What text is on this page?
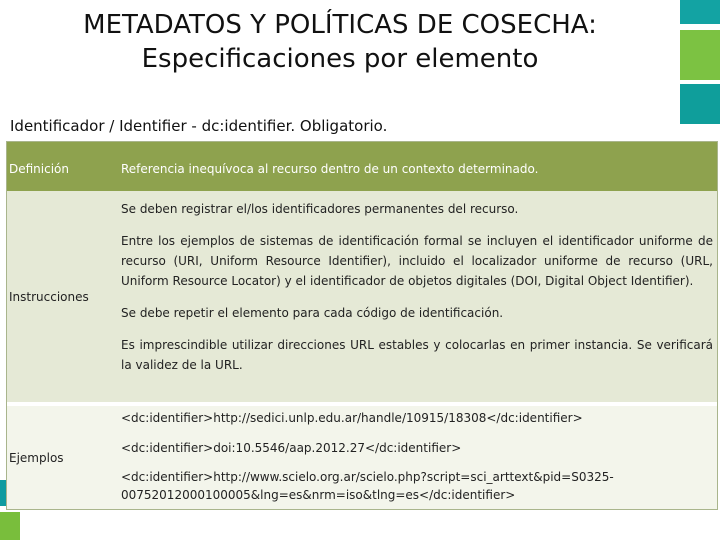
METADATOS Y POLÍTICAS DE COSECHA:
Especificaciones por elemento
Identificador / Identifier - dc:identifier. Obligatorio.
Definición	Referencia inequívoca al recurso dentro de un contexto determinado.
Instrucciones

Se deben registrar el/los identificadores permanentes del recurso.

Entre los ejemplos de sistemas de identificación formal se incluyen el identificador uniforme de recurso (URI, Uniform Resource Identifier), incluido el localizador uniforme de recurso (URL, Uniform Resource Locator) y el identificador de objetos digitales (DOI, Digital Object Identifier).

Se debe repetir el elemento para cada código de identificación.

Es imprescindible utilizar direcciones URL estables y colocarlas en primer instancia. Se verificará la validez de la URL.

Ejemplos

<dc:identifier>http://sedici.unlp.edu.ar/handle/10915/18308</dc:identifier>

<dc:identifier>doi:10.5546/aap.2012.27</dc:identifier>

<dc:identifier>http://www.scielo.org.ar/scielo.php?script=sci_arttext&pid=S0325-00752012000100005&lng=es&nrm=iso&tlng=es</dc:identifier>
